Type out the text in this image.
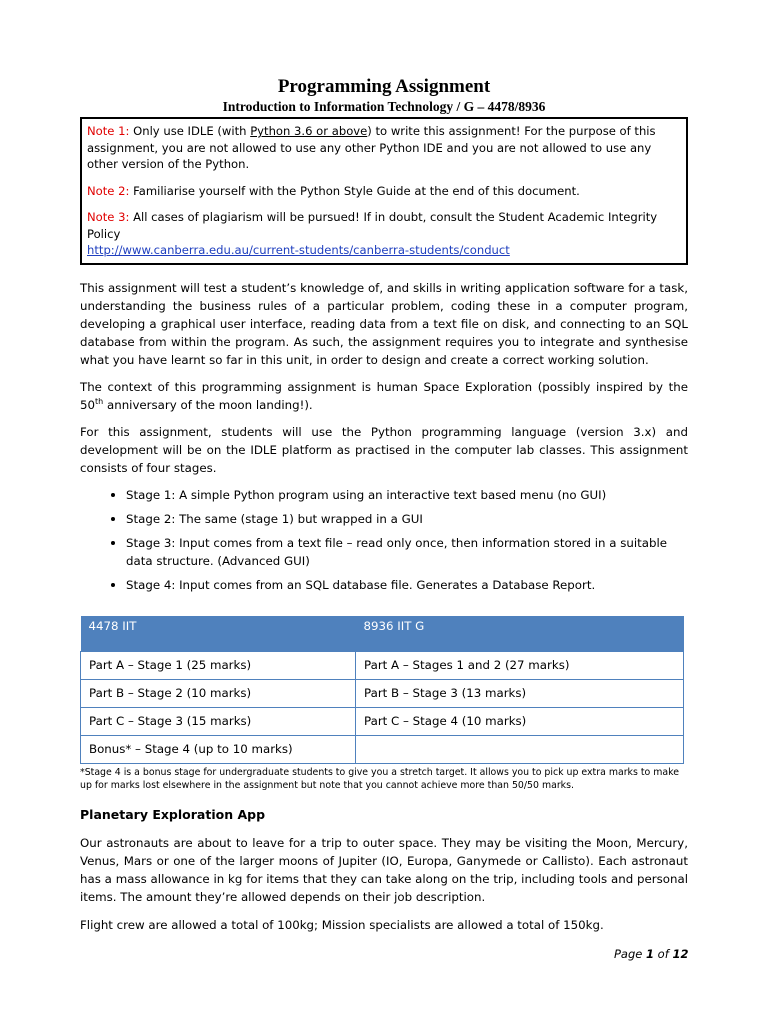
Programming Assignment
Introduction to Information Technology / G – 4478/8936

Note 1: Only use IDLE (with Python 3.6 or above) to write this assignment! For the purpose of this assignment, you are not allowed to use any other Python IDE and you are not allowed to use any other version of the Python.

Note 2: Familiarise yourself with the Python Style Guide at the end of this document.

Note 3: All cases of plagiarism will be pursued! If in doubt, consult the Student Academic Integrity Policy
http://www.canberra.edu.au/current-students/canberra-students/conduct

This assignment will test a student’s knowledge of, and skills in writing application software for a task, understanding the business rules of a particular problem, coding these in a computer program, developing a graphical user interface, reading data from a text file on disk, and connecting to an SQL database from within the program. As such, the assignment requires you to integrate and synthesise what you have learnt so far in this unit, in order to design and create a correct working solution.

The context of this programming assignment is human Space Exploration (possibly inspired by the 50th anniversary of the moon landing!).

For this assignment, students will use the Python programming language (version 3.x) and development will be on the IDLE platform as practised in the computer lab classes. This assignment consists of four stages.

• Stage 1: A simple Python program using an interactive text based menu (no GUI)
• Stage 2: The same (stage 1) but wrapped in a GUI
• Stage 3: Input comes from a text file – read only once, then information stored in a suitable data structure. (Advanced GUI)
• Stage 4: Input comes from an SQL database file. Generates a Database Report.
4478 IIT	8936 IIT G
Part A – Stage 1 (25 marks)	Part A – Stages 1 and 2 (27 marks)
Part B – Stage 2 (10 marks)	Part B – Stage 3 (13 marks)
Part C – Stage 3 (15 marks)	Part C – Stage 4 (10 marks)
Bonus* – Stage 4 (up to 10 marks)	

*Stage 4 is a bonus stage for undergraduate students to give you a stretch target. It allows you to pick up extra marks to make up for marks lost elsewhere in the assignment but note that you cannot achieve more than 50/50 marks.

Planetary Exploration App

Our astronauts are about to leave for a trip to outer space. They may be visiting the Moon, Mercury, Venus, Mars or one of the larger moons of Jupiter (IO, Europa, Ganymede or Callisto). Each astronaut has a mass allowance in kg for items that they can take along on the trip, including tools and personal items. The amount they’re allowed depends on their job description.

Flight crew are allowed a total of 100kg; Mission specialists are allowed a total of 150kg.

Page 1 of 12
